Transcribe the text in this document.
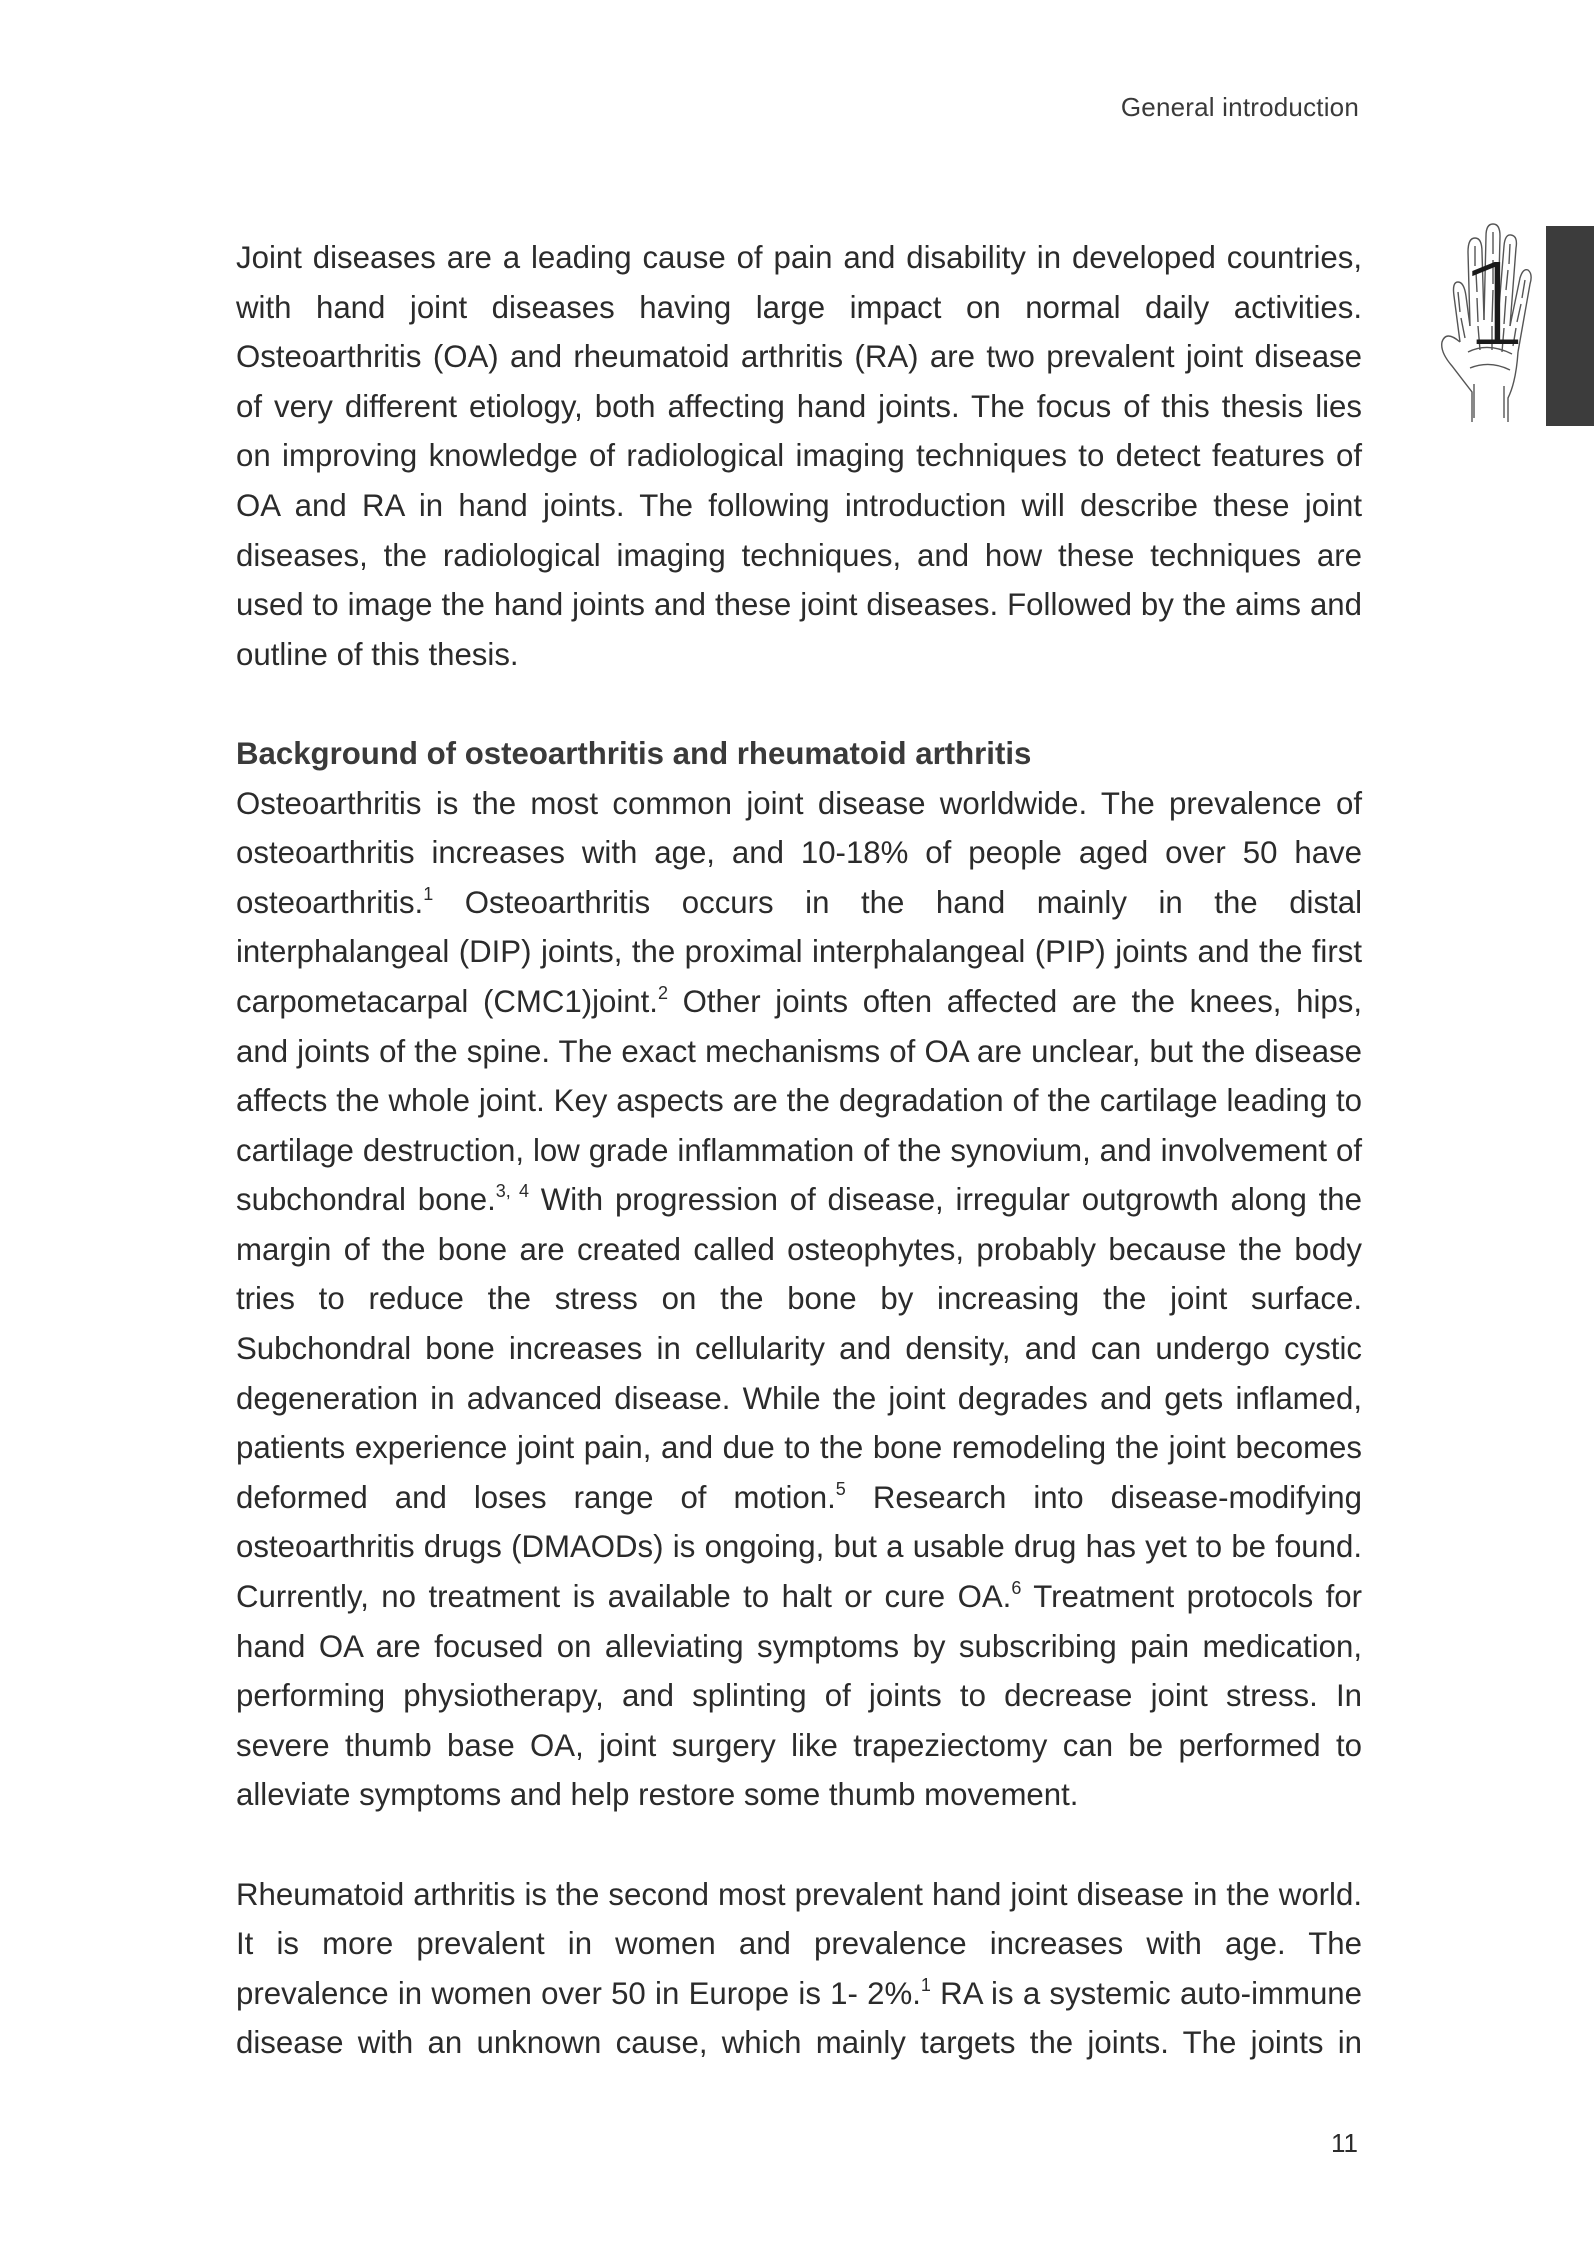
General introduction
1

Joint diseases are a leading cause of pain and disability in developed countries, with hand joint diseases having large impact on normal daily activities. Osteoarthritis (OA) and rheumatoid arthritis (RA) are two prevalent joint disease of very different etiology, both affecting hand joints. The focus of this thesis lies on improving knowledge of radiological imaging techniques to detect features of OA and RA in hand joints. The following introduction will describe these joint diseases, the radiological imaging techniques, and how these techniques are used to image the hand joints and these joint diseases. Followed by the aims and outline of this thesis.

Background of osteoarthritis and rheumatoid arthritis

Osteoarthritis is the most common joint disease worldwide. The prevalence of osteoarthritis increases with age, and 10-18% of people aged over 50 have osteoarthritis.$^1$ Osteoarthritis occurs in the hand mainly in the distal interphalangeal (DIP) joints, the proximal interphalangeal (PIP) joints and the first carpometacarpal (CMC1)joint.$^2$ Other joints often affected are the knees, hips, and joints of the spine. The exact mechanisms of OA are unclear, but the disease affects the whole joint. Key aspects are the degradation of the cartilage leading to cartilage destruction, low grade inflammation of the synovium, and involvement of subchondral bone.$^{3, 4}$ With progression of disease, irregular outgrowth along the margin of the bone are created called osteophytes, probably because the body tries to reduce the stress on the bone by increasing the joint surface. Subchondral bone increases in cellularity and density, and can undergo cystic degeneration in advanced disease. While the joint degrades and gets inflamed, patients experience joint pain, and due to the bone remodeling the joint becomes deformed and loses range of motion.$^5$ Research into disease-modifying osteoarthritis drugs (DMAODs) is ongoing, but a usable drug has yet to be found. Currently, no treatment is available to halt or cure OA.$^6$ Treatment protocols for hand OA are focused on alleviating symptoms by subscribing pain medication, performing physiotherapy, and splinting of joints to decrease joint stress. In severe thumb base OA, joint surgery like trapeziectomy can be performed to alleviate symptoms and help restore some thumb movement.

Rheumatoid arthritis is the second most prevalent hand joint disease in the world. It is more prevalent in women and prevalence increases with age. The prevalence in women over 50 in Europe is 1- 2%.$^1$ RA is a systemic auto-immune disease with an unknown cause, which mainly targets the joints. The joints in

11
